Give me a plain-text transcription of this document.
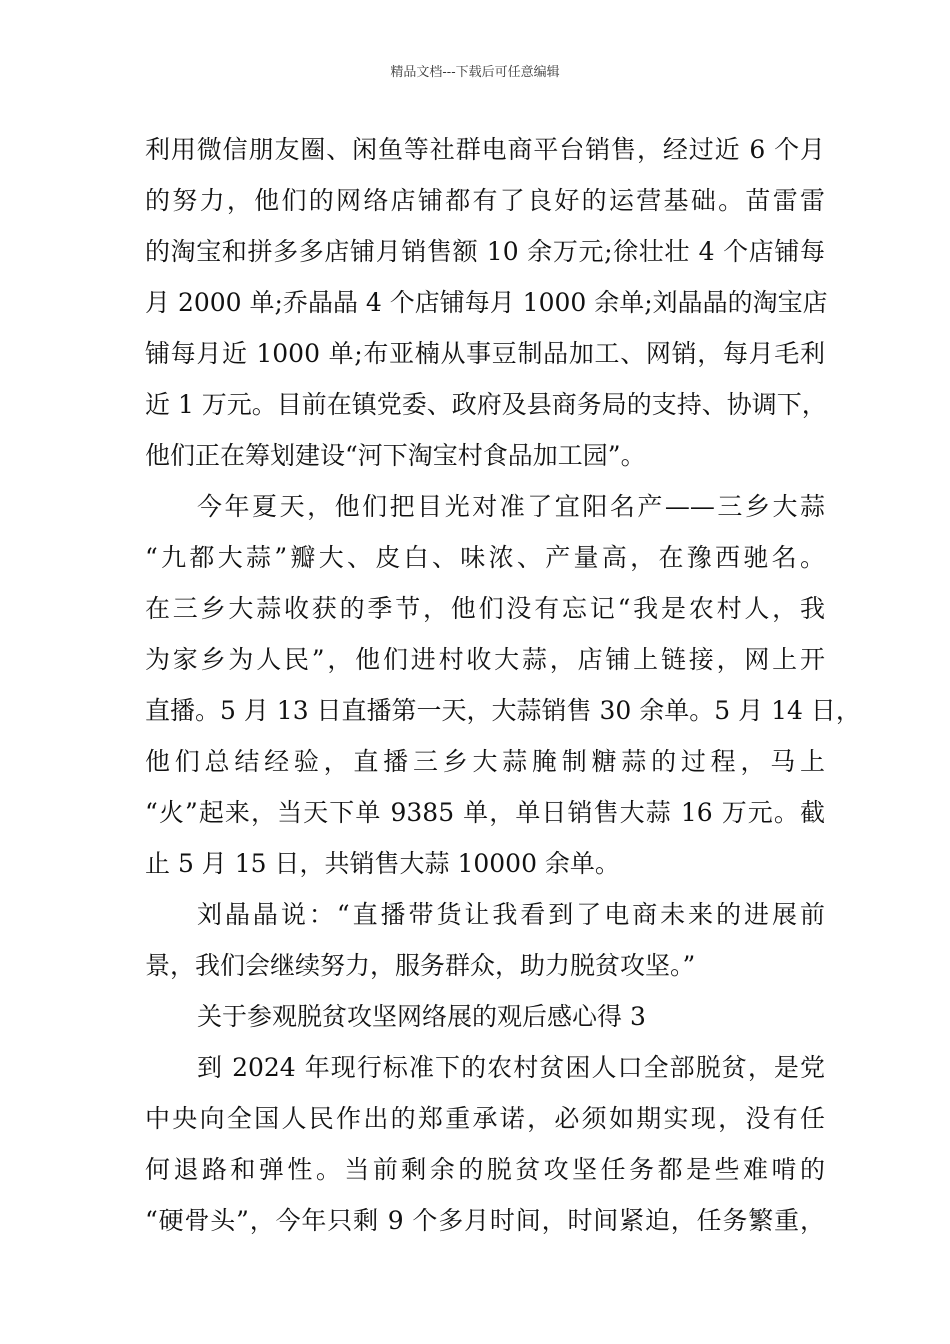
精品文档---下载后可任意编辑
利用微信朋友圈、闲鱼等社群电商平台销售，经过近 6 个月
的努力，他们的网络店铺都有了良好的运营基础。苗雷雷
的淘宝和拼多多店铺月销售额 10 余万元;徐壮壮 4 个店铺每
月 2000 单;乔晶晶 4 个店铺每月 1000 余单;刘晶晶的淘宝店
铺每月近 1000 单;布亚楠从事豆制品加工、网销，每月毛利
近 1 万元。目前在镇党委、政府及县商务局的支持、协调下，
他们正在筹划建设“河下淘宝村食品加工园”。
今年夏天，他们把目光对准了宜阳名产——三乡大蒜
“九都大蒜”瓣大、皮白、味浓、产量高，在豫西驰名。
在三乡大蒜收获的季节，他们没有忘记“我是农村人，我
为家乡为人民”，他们进村收大蒜，店铺上链接，网上开
直播。5 月 13 日直播第一天，大蒜销售 30 余单。5 月 14 日，
他们总结经验，直播三乡大蒜腌制糖蒜的过程，马上
“火”起来，当天下单 9385 单，单日销售大蒜 16 万元。截
止 5 月 15 日，共销售大蒜 10000 余单。
刘晶晶说：“直播带货让我看到了电商未来的进展前
景，我们会继续努力，服务群众，助力脱贫攻坚。”
关于参观脱贫攻坚网络展的观后感心得 3
到 2024 年现行标准下的农村贫困人口全部脱贫，是党
中央向全国人民作出的郑重承诺，必须如期实现，没有任
何退路和弹性。当前剩余的脱贫攻坚任务都是些难啃的
“硬骨头”，今年只剩 9 个多月时间，时间紧迫，任务繁重，
